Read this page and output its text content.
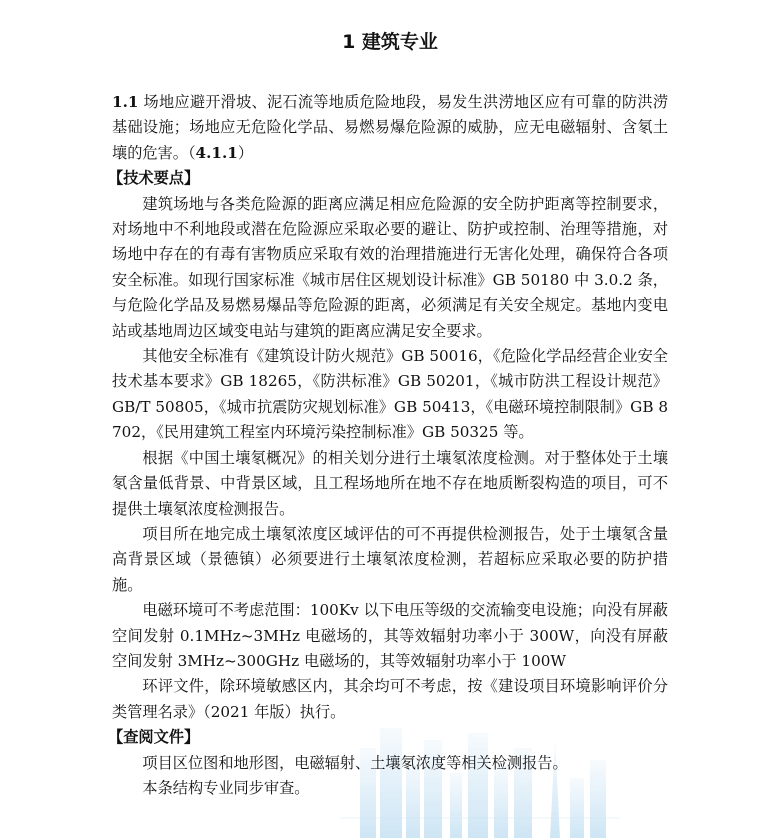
1 建筑专业

1.1 场地应避开滑坡、泥石流等地质危险地段，易发生洪涝地区应有可靠的防洪涝基础设施；场地应无危险化学品、易燃易爆危险源的威胁，应无电磁辐射、含氡土壤的危害。（4.1.1）

【技术要点】

建筑场地与各类危险源的距离应满足相应危险源的安全防护距离等控制要求，对场地中不利地段或潜在危险源应采取必要的避让、防护或控制、治理等措施，对场地中存在的有毒有害物质应采取有效的治理措施进行无害化处理，确保符合各项安全标准。如现行国家标准《城市居住区规划设计标准》GB 50180 中 3.0.2 条，与危险化学品及易燃易爆品等危险源的距离，必须满足有关安全规定。基地内变电站或基地周边区域变电站与建筑的距离应满足安全要求。

其他安全标准有《建筑设计防火规范》GB 50016，《危险化学品经营企业安全技术基本要求》GB 18265，《防洪标准》GB 50201，《城市防洪工程设计规范》GB/T 50805，《城市抗震防灾规划标准》GB 50413，《电磁环境控制限制》GB 8702，《民用建筑工程室内环境污染控制标准》GB 50325 等。

根据《中国土壤氡概况》的相关划分进行土壤氡浓度检测。对于整体处于土壤氡含量低背景、中背景区域，且工程场地所在地不存在地质断裂构造的项目，可不提供土壤氡浓度检测报告。

项目所在地完成土壤氡浓度区域评估的可不再提供检测报告，处于土壤氡含量高背景区域（景德镇）必须要进行土壤氡浓度检测，若超标应采取必要的防护措施。

电磁环境可不考虑范围：100Kv 以下电压等级的交流输变电设施；向没有屏蔽空间发射 0.1MHz~3MHz 电磁场的，其等效辐射功率小于 300W，向没有屏蔽空间发射 3MHz~300GHz 电磁场的，其等效辐射功率小于 100W

环评文件，除环境敏感区内，其余均可不考虑，按《建设项目环境影响评价分类管理名录》（2021 年版）执行。

【查阅文件】

项目区位图和地形图，电磁辐射、土壤氡浓度等相关检测报告。

本条结构专业同步审查。
